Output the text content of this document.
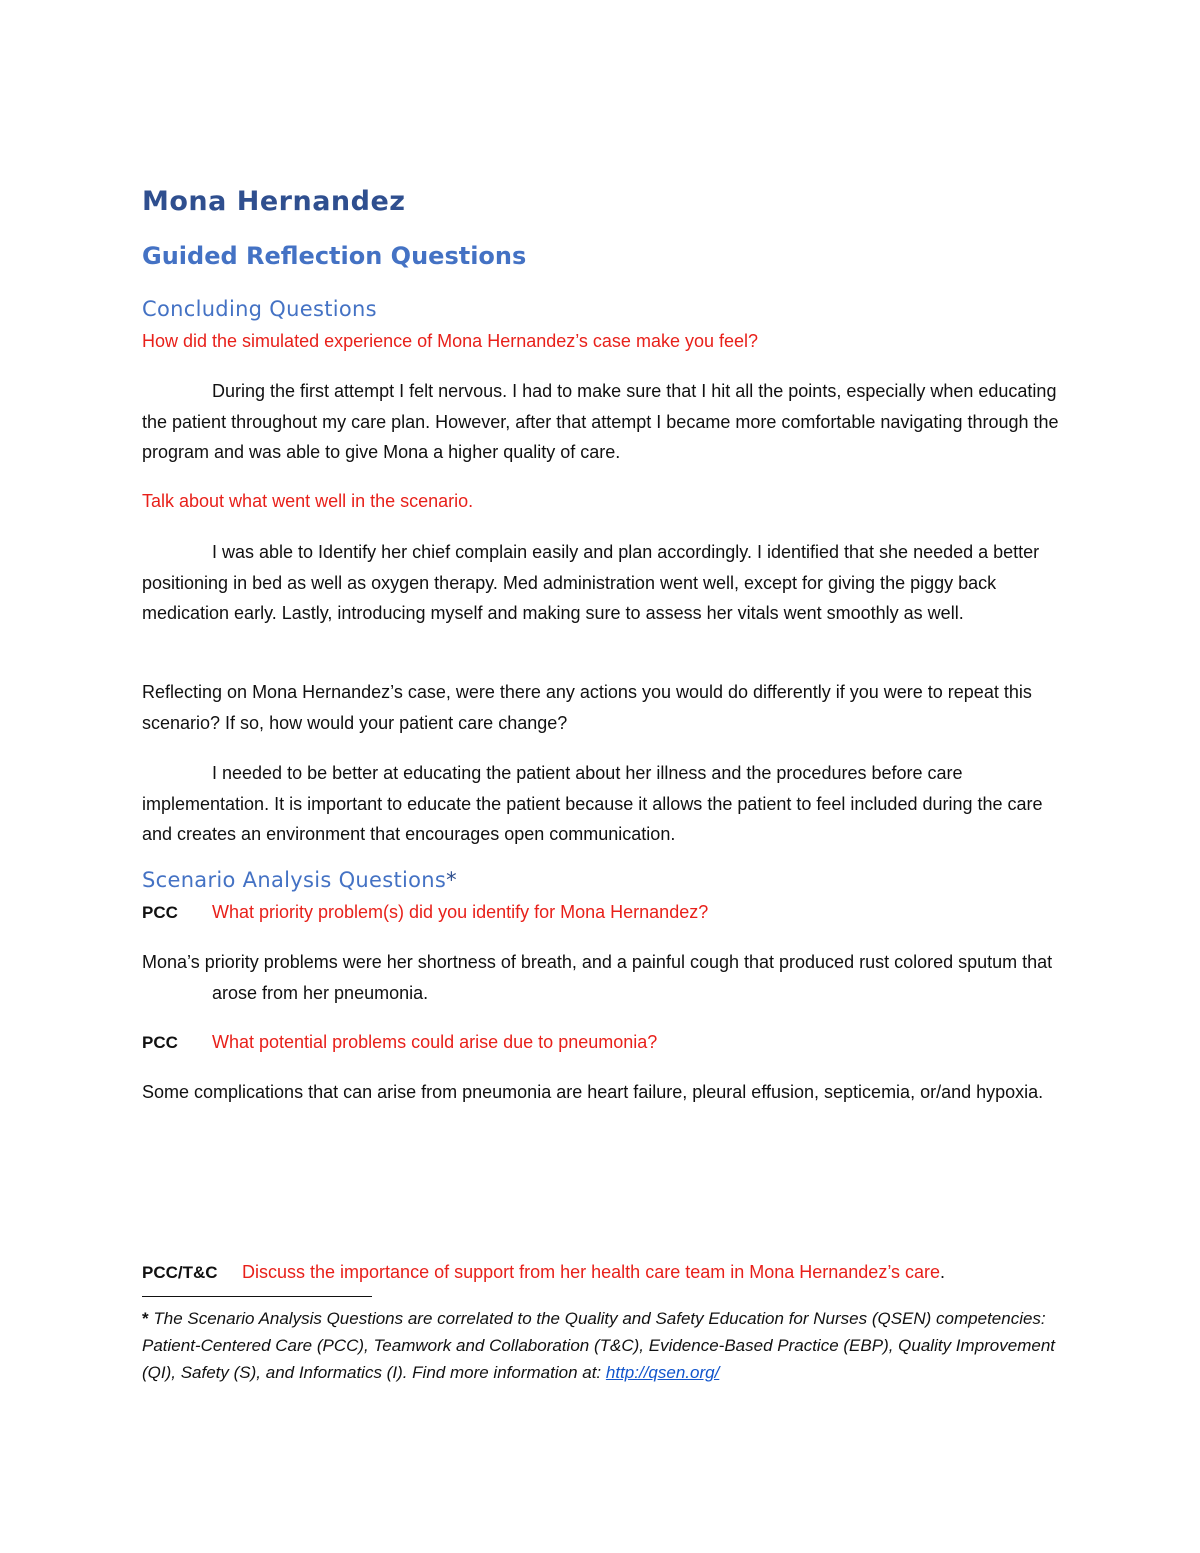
Mona Hernandez
Guided Reflection Questions
Concluding Questions
How did the simulated experience of Mona Hernandez’s case make you feel?
During the first attempt I felt nervous. I had to make sure that I hit all the points, especially when educating the patient throughout my care plan. However, after that attempt I became more comfortable navigating through the program and was able to give Mona a higher quality of care.
Talk about what went well in the scenario.
I was able to Identify her chief complain easily and plan accordingly. I identified that she needed a better positioning in bed as well as oxygen therapy. Med administration went well, except for giving the piggy back medication early. Lastly, introducing myself and making sure to assess her vitals went smoothly as well.
Reflecting on Mona Hernandez’s case, were there any actions you would do differently if you were to repeat this scenario? If so, how would your patient care change?
I needed to be better at educating the patient about her illness and the procedures before care implementation. It is important to educate the patient because it allows the patient to feel included during the care and creates an environment that encourages open communication.
Scenario Analysis Questions*
PCC What priority problem(s) did you identify for Mona Hernandez?
Mona’s priority problems were her shortness of breath, and a painful cough that produced rust colored sputum that arose from her pneumonia.
PCC What potential problems could arise due to pneumonia?
Some complications that can arise from pneumonia are heart failure, pleural effusion, septicemia, or/and hypoxia.
PCC/T&C Discuss the importance of support from her health care team in Mona Hernandez’s care.
* The Scenario Analysis Questions are correlated to the Quality and Safety Education for Nurses (QSEN) competencies: Patient-Centered Care (PCC), Teamwork and Collaboration (T&C), Evidence-Based Practice (EBP), Quality Improvement (QI), Safety (S), and Informatics (I). Find more information at: http://qsen.org/
